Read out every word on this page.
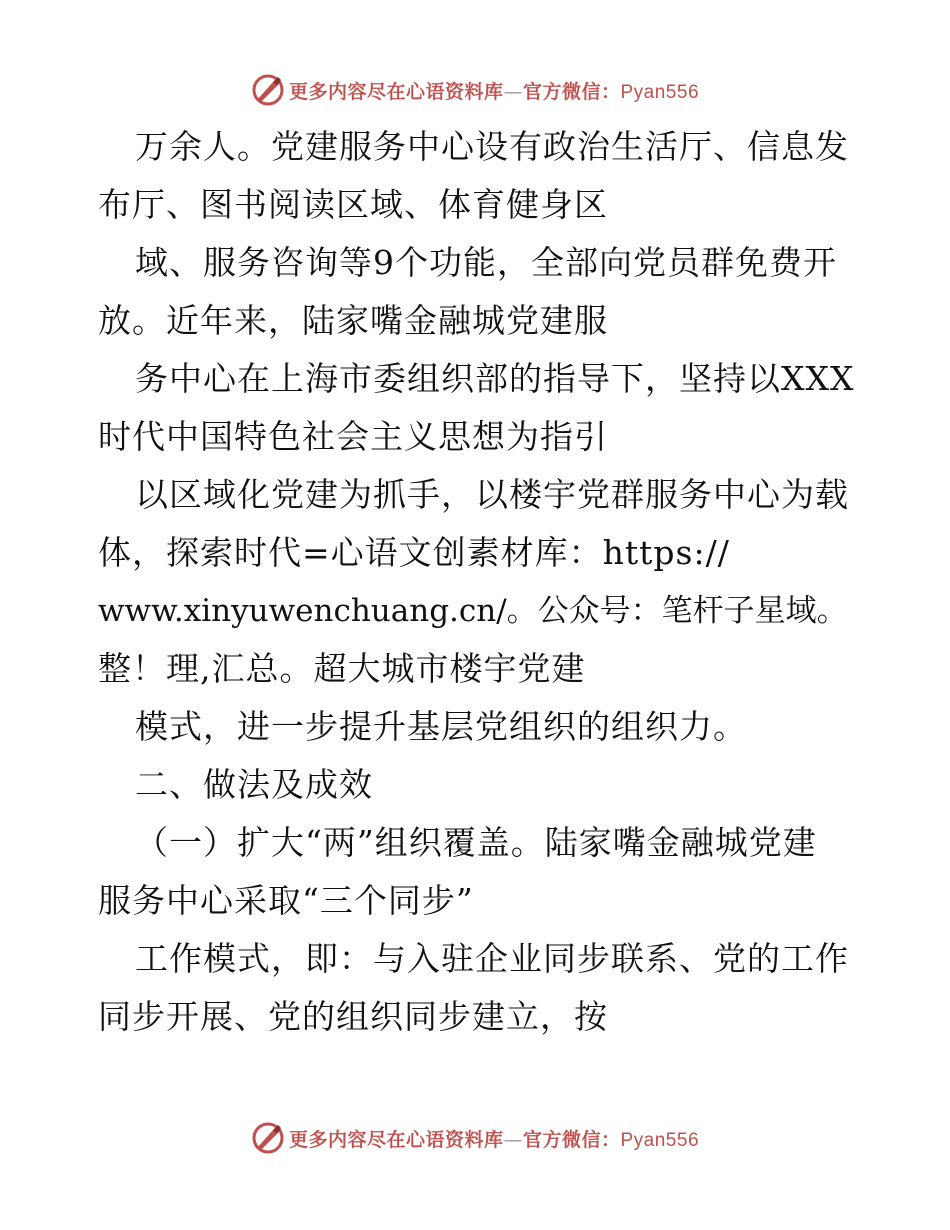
更多内容尽在心语资料库—官方微信：Pyan556
万余人。党建服务中心设有政治生活厅、信息发
布厅、图书阅读区域、体育健身区
域、服务咨询等9个功能，全部向党员群免费开
放。近年来，陆家嘴金融城党建服
务中心在上海市委组织部的指导下，坚持以XXX
时代中国特色社会主义思想为指引
以区域化党建为抓手，以楼宇党群服务中心为载
体，探索时代=心语文创素材库：https://
www.xinyuwenchuang.cn/。公众号：笔杆子星域。
整！理,汇总。超大城市楼宇党建
模式，进一步提升基层党组织的组织力。
二、做法及成效
（一）扩大“两”组织覆盖。陆家嘴金融城党建
服务中心采取“三个同步”
工作模式，即：与入驻企业同步联系、党的工作
同步开展、党的组织同步建立，按
更多内容尽在心语资料库—官方微信：Pyan556
